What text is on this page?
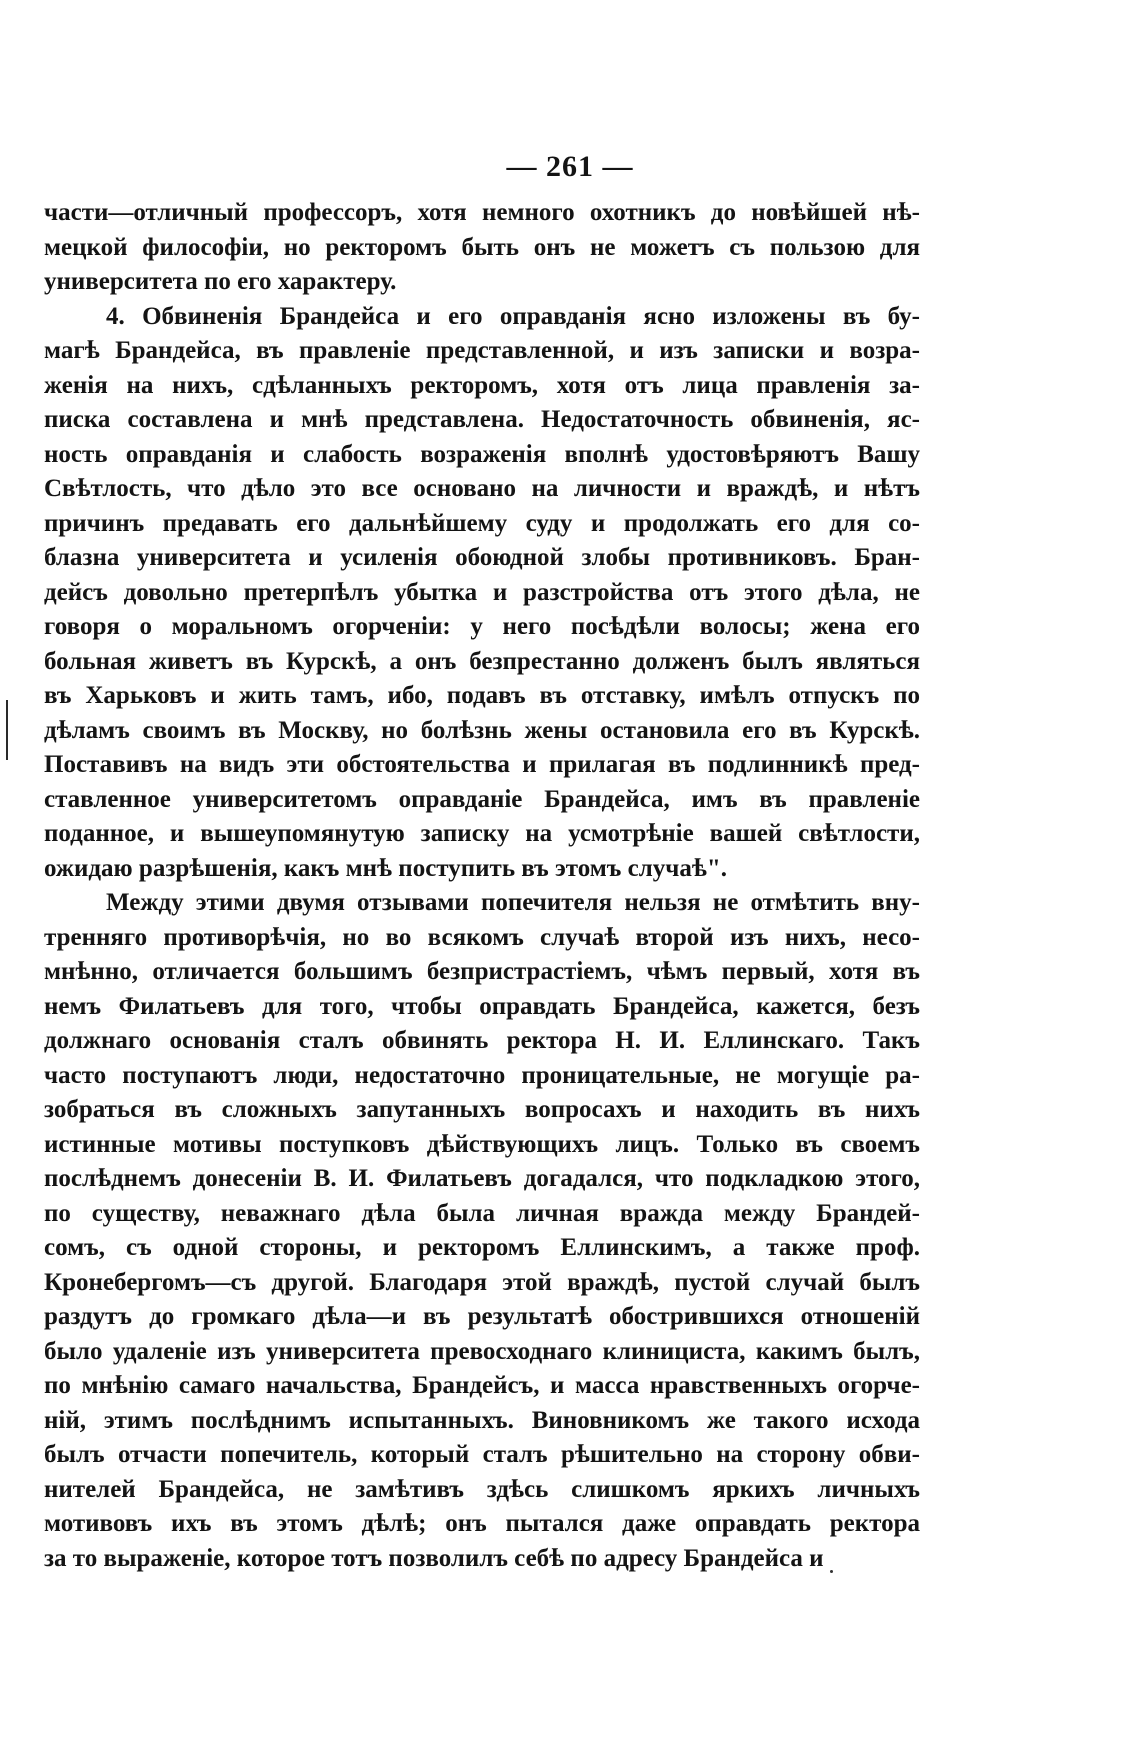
— 261 —
части—отличный профессоръ, хотя немного охотникъ до новѣйшей нѣ-
мецкой философіи, но ректоромъ быть онъ не можетъ съ пользою для
университета по его характеру.
4. Обвиненія Брандейса и его оправданія ясно изложены въ бу-
магѣ Брандейса, въ правленіе представленной, и изъ записки и возра-
женія на нихъ, сдѣланныхъ ректоромъ, хотя отъ лица правленія за-
писка составлена и мнѣ представлена. Недостаточность обвиненія, яс-
ность оправданія и слабость возраженія вполнѣ удостовѣряютъ Вашу
Свѣтлость, что дѣло это все основано на личности и враждѣ, и нѣтъ
причинъ предавать его дальнѣйшему суду и продолжать его для со-
блазна университета и усиленія обоюдной злобы противниковъ. Бран-
дейсъ довольно претерпѣлъ убытка и разстройства отъ этого дѣла, не
говоря о моральномъ огорченіи: у него посѣдѣли волосы; жена его
больная живетъ въ Курскѣ, а онъ безпрестанно долженъ былъ являться
въ Харьковъ и жить тамъ, ибо, подавъ въ отставку, имѣлъ отпускъ по
дѣламъ своимъ въ Москву, но болѣзнь жены остановила его въ Курскѣ.
Поставивъ на видъ эти обстоятельства и прилагая въ подлинникѣ пред-
ставленное университетомъ оправданіе Брандейса, имъ въ правленіе
поданное, и вышеупомянутую записку на усмотрѣніе вашей свѣтлости,
ожидаю разрѣшенія, какъ мнѣ поступить въ этомъ случаѣ".
Между этими двумя отзывами попечителя нельзя не отмѣтить вну-
тренняго противорѣчія, но во всякомъ случаѣ второй изъ нихъ, несо-
мнѣнно, отличается большимъ безпристрастіемъ, чѣмъ первый, хотя въ
немъ Филатьевъ для того, чтобы оправдать Брандейса, кажется, безъ
должнаго основанія сталъ обвинять ректора Н. И. Еллинскаго. Такъ
часто поступаютъ люди, недостаточно проницательные, не могущіе ра-
зобраться въ сложныхъ запутанныхъ вопросахъ и находить въ нихъ
истинные мотивы поступковъ дѣйствующихъ лицъ. Только въ своемъ
послѣднемъ донесеніи В. И. Филатьевъ догадался, что подкладкою этого,
по существу, неважнаго дѣла была личная вражда между Брандей-
сомъ, съ одной стороны, и ректоромъ Еллинскимъ, а также проф.
Кронебергомъ—съ другой. Благодаря этой враждѣ, пустой случай былъ
раздутъ до громкаго дѣла—и въ результатѣ обострившихся отношеній
было удаленіе изъ университета превосходнаго клинициста, какимъ былъ,
по мнѣнію самаго начальства, Брандейсъ, и масса нравственныхъ огорче-
ній, этимъ послѣднимъ испытанныхъ. Виновникомъ же такого исхода
былъ отчасти попечитель, который сталъ рѣшительно на сторону обви-
нителей Брандейса, не замѣтивъ здѣсь слишкомъ яркихъ личныхъ
мотивовъ ихъ въ этомъ дѣлѣ; онъ пытался даже оправдать ректора
за то выраженіе, которое тотъ позволилъ себѣ по адресу Брандейса и
